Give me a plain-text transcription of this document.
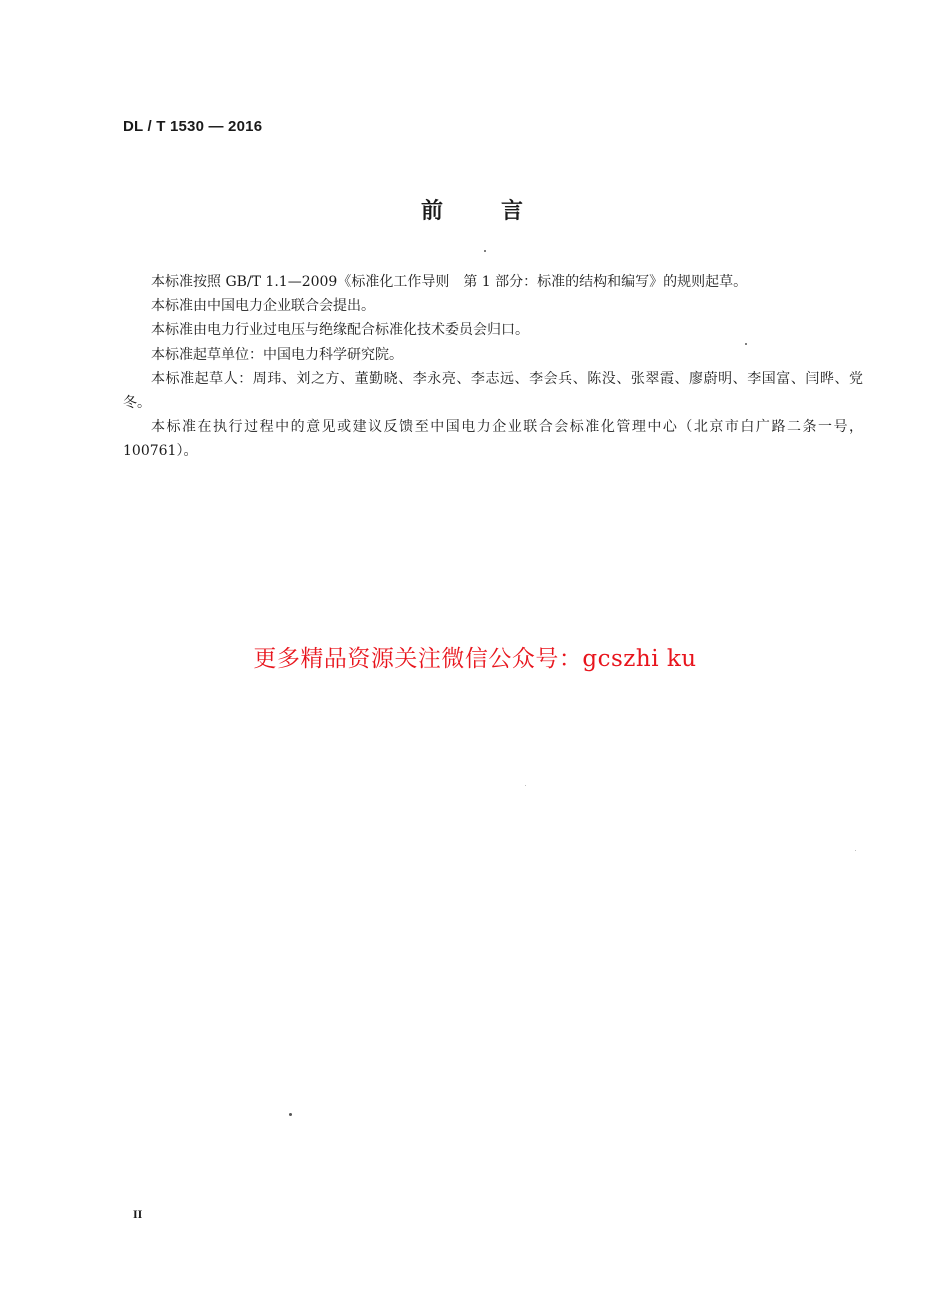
DL / T 1530 — 2016
前言

本标准按照 GB/T 1.1—2009《标准化工作导则　第 1 部分：标准的结构和编写》的规则起草。

本标准由中国电力企业联合会提出。

本标准由电力行业过电压与绝缘配合标准化技术委员会归口。

本标准起草单位：中国电力科学研究院。

本标准起草人：周玮、刘之方、董勤晓、李永亮、李志远、李会兵、陈没、张翠霞、廖蔚明、李国富、闫晔、党冬。

本标准在执行过程中的意见或建议反馈至中国电力企业联合会标准化管理中心（北京市白广路二条一号，100761）。

更多精品资源关注微信公众号：gcszhi ku
II
